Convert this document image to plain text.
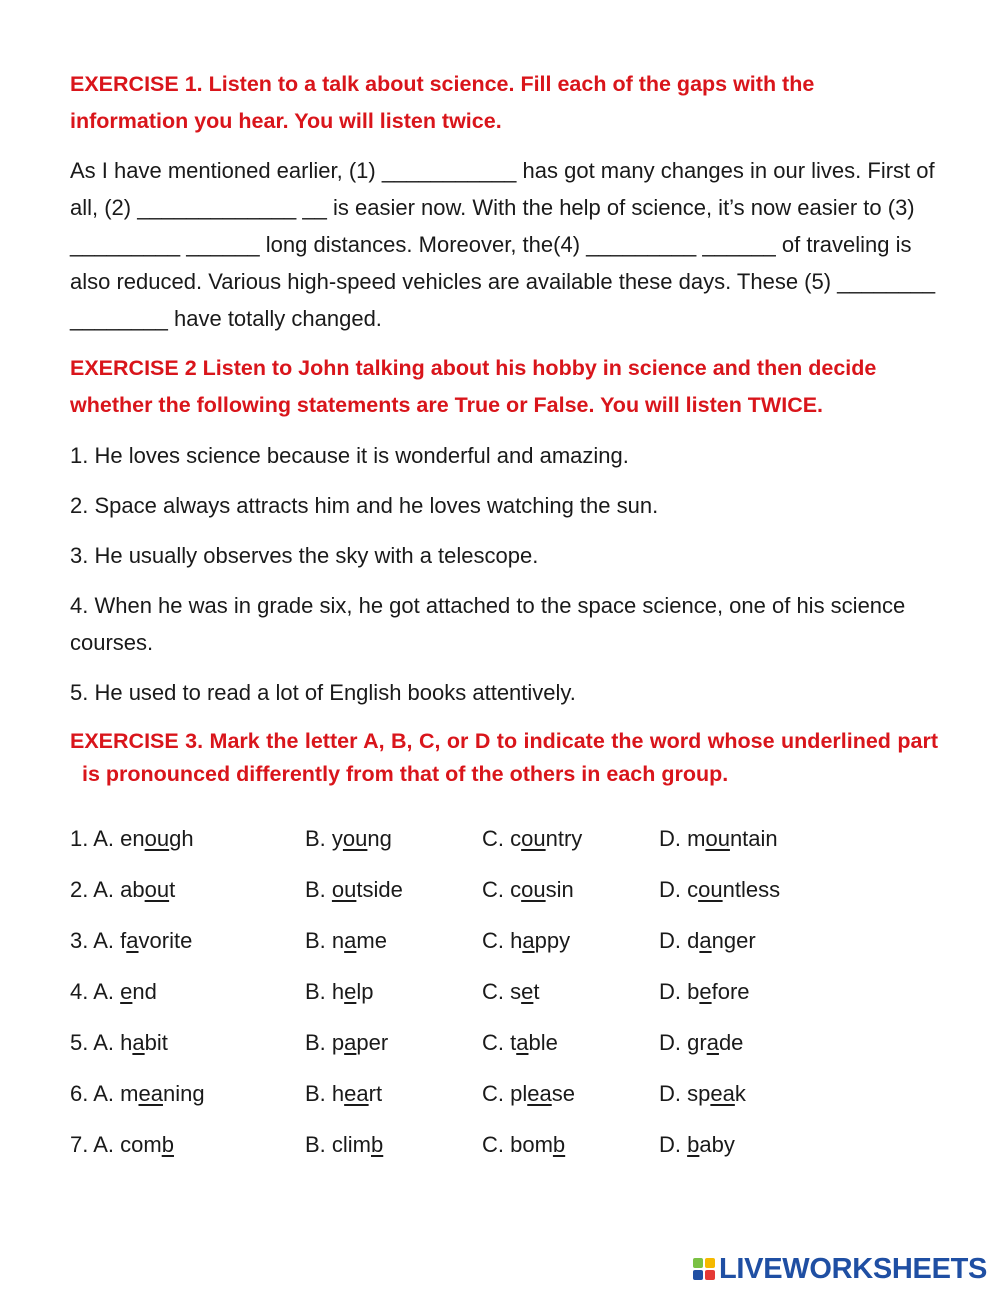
EXERCISE 1. Listen to a talk about science. Fill each of the gaps with the information you hear. You will listen twice.

As I have mentioned earlier, (1) ___________ has got many changes in our lives. First of all, (2) _____________ __ is easier now. With the help of science, it’s now easier to (3) _________ ______ long distances. Moreover, the(4) _________ ______ of traveling is also reduced. Various high-speed vehicles are available these days. These (5) ________ ________ have totally changed.

EXERCISE 2 Listen to John talking about his hobby in science and then decide whether the following statements are True or False. You will listen TWICE.

1. He loves science because it is wonderful and amazing.

2. Space always attracts him and he loves watching the sun.

3. He usually observes the sky with a telescope.

4. When he was in grade six, he got attached to the space science, one of his science courses.

5. He used to read a lot of English books attentively.

EXERCISE 3. Mark the letter A, B, C, or D to indicate the word whose underlined part is pronounced differently from that of the others in each group.

1. A. enough	B. young	C. country	D. mountain
2. A. about	B. outside	C. cousin	D. countless
3. A. favorite	B. name	C. happy	D. danger
4. A. end	B. help	C. set	D. before
5. A. habit	B. paper	C. table	D. grade
6. A. meaning	B. heart	C. please	D. speak
7. A. comb	B. climb	C. bomb	D. baby
LIVEWORKSHEETS
